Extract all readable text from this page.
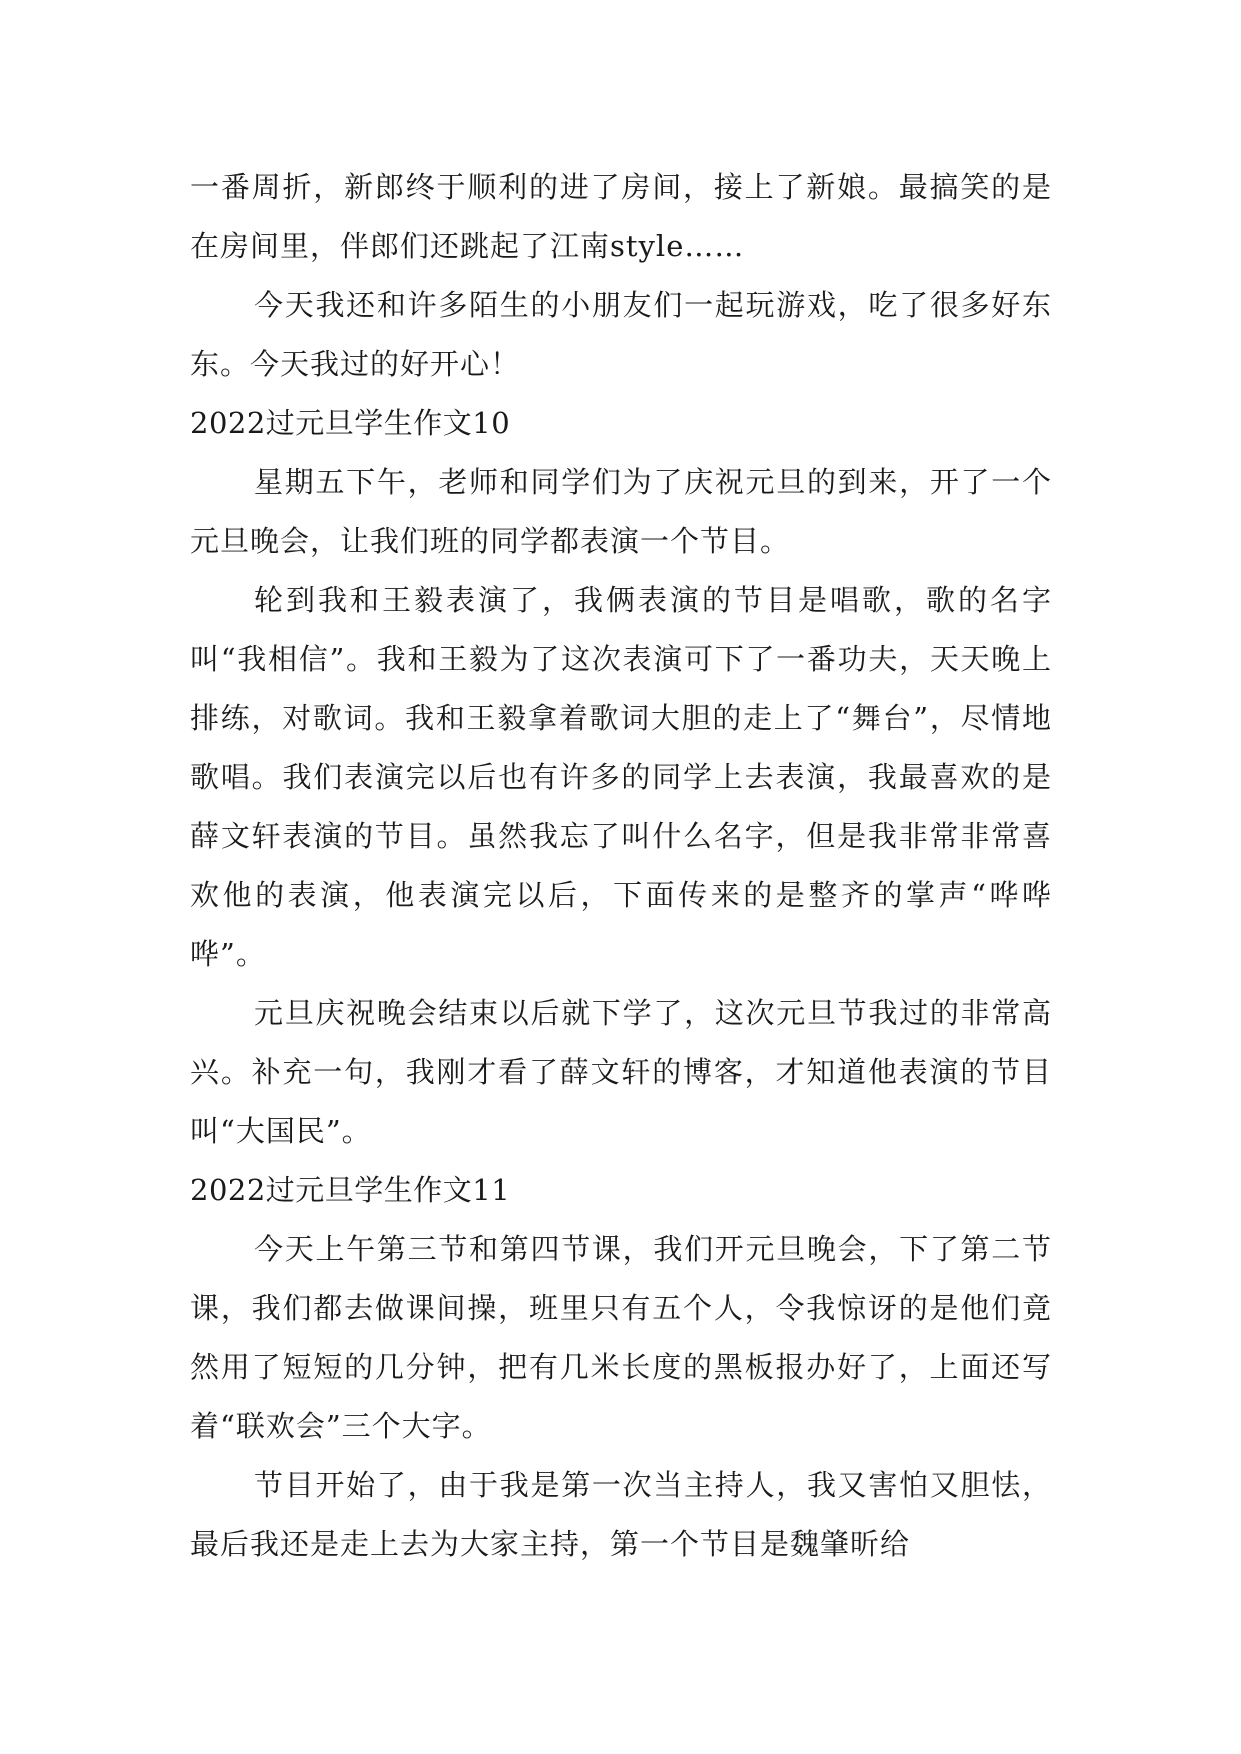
一番周折，新郎终于顺利的进了房间，接上了新娘。最搞笑的是在房间里，伴郎们还跳起了江南style……

今天我还和许多陌生的小朋友们一起玩游戏，吃了很多好东东。今天我过的好开心！

2022过元旦学生作文10

星期五下午，老师和同学们为了庆祝元旦的到来，开了一个元旦晚会，让我们班的同学都表演一个节目。

轮到我和王毅表演了，我俩表演的节目是唱歌，歌的名字叫“我相信”。我和王毅为了这次表演可下了一番功夫，天天晚上排练，对歌词。我和王毅拿着歌词大胆的走上了“舞台”，尽情地歌唱。我们表演完以后也有许多的同学上去表演，我最喜欢的是薛文轩表演的节目。虽然我忘了叫什么名字，但是我非常非常喜欢他的表演，他表演完以后，下面传来的是整齐的掌声“哗哗哗”。

元旦庆祝晚会结束以后就下学了，这次元旦节我过的非常高兴。补充一句，我刚才看了薛文轩的博客，才知道他表演的节目叫“大国民”。

2022过元旦学生作文11

今天上午第三节和第四节课，我们开元旦晚会，下了第二节课，我们都去做课间操，班里只有五个人，令我惊讶的是他们竟然用了短短的几分钟，把有几米长度的黑板报办好了，上面还写着“联欢会”三个大字。

节目开始了，由于我是第一次当主持人，我又害怕又胆怯，最后我还是走上去为大家主持，第一个节目是魏肇昕给
